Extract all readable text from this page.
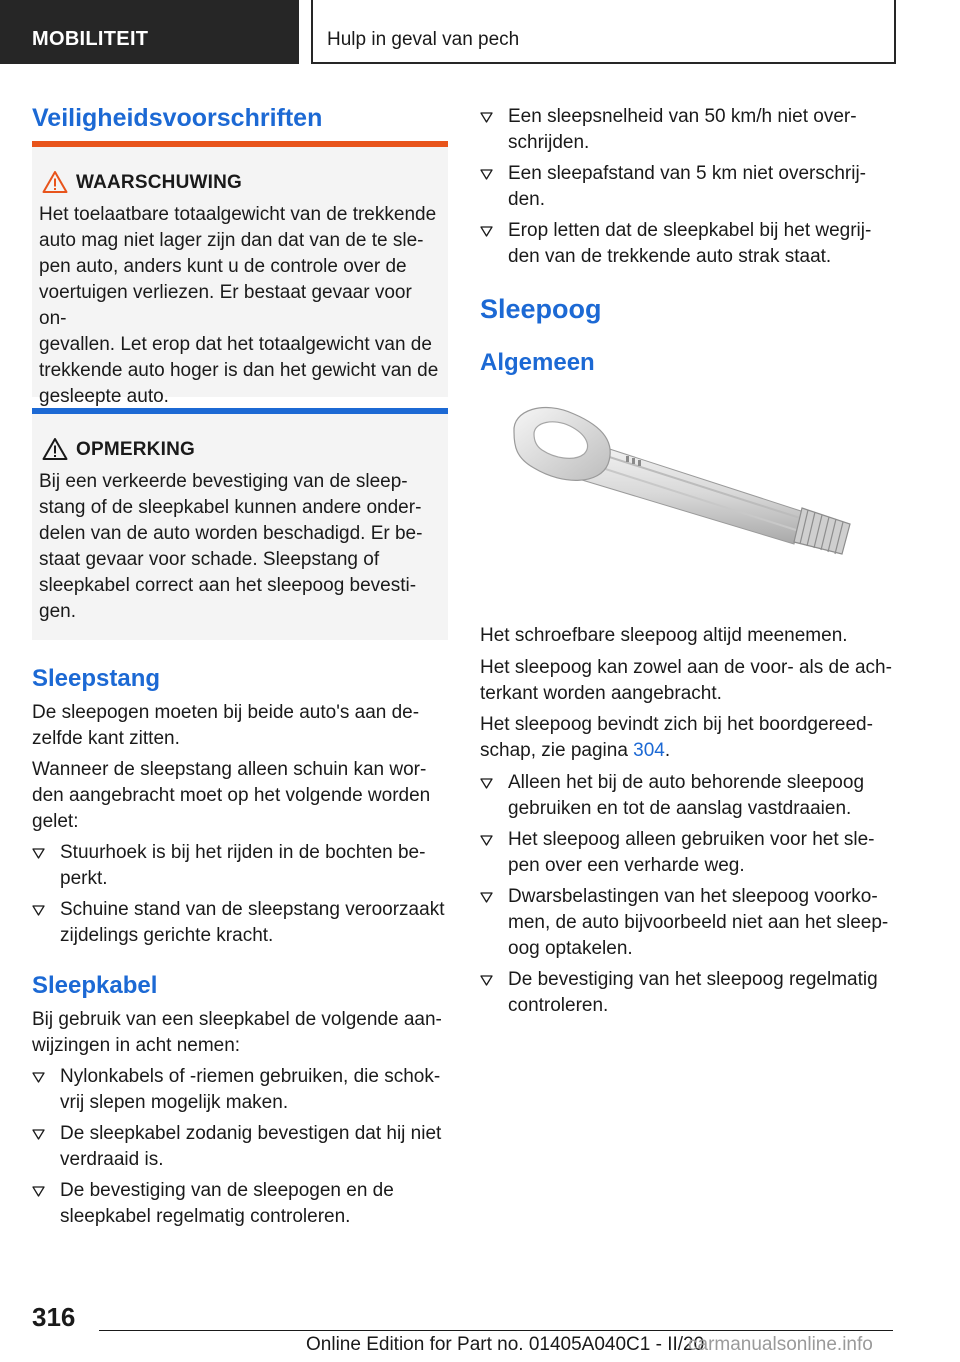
MOBILITEIT	Hulp in geval van pech
Veiligheidsvoorschriften
WAARSCHUWING
Het toelaatbare totaalgewicht van de trekkende
auto mag niet lager zijn dan dat van de te sle-
pen auto, anders kunt u de controle over de
voertuigen verliezen. Er bestaat gevaar voor on-
gevallen. Let erop dat het totaalgewicht van de
trekkende auto hoger is dan het gewicht van de
gesleepte auto.
OPMERKING
Bij een verkeerde bevestiging van de sleep-
stang of de sleepkabel kunnen andere onder-
delen van de auto worden beschadigd. Er be-
staat gevaar voor schade. Sleepstang of
sleepkabel correct aan het sleepoog bevesti-
gen.
Sleepstang
De sleepogen moeten bij beide auto's aan de-
zelfde kant zitten.
Wanneer de sleepstang alleen schuin kan wor-
den aangebracht moet op het volgende worden
gelet:
Stuurhoek is bij het rijden in de bochten be-
perkt.
Schuine stand van de sleepstang veroorzaakt
zijdelings gerichte kracht.
Sleepkabel
Bij gebruik van een sleepkabel de volgende aan-
wijzingen in acht nemen:
Nylonkabels of -riemen gebruiken, die schok-
vrij slepen mogelijk maken.
De sleepkabel zodanig bevestigen dat hij niet
verdraaid is.
De bevestiging van de sleepogen en de
sleepkabel regelmatig controleren.
Een sleepsnelheid van 50 km/h niet over-
schrijden.
Een sleepafstand van 5 km niet overschrij-
den.
Erop letten dat de sleepkabel bij het wegrij-
den van de trekkende auto strak staat.
Sleepoog
Algemeen
Het schroefbare sleepoog altijd meenemen.
Het sleepoog kan zowel aan de voor- als de ach-
terkant worden aangebracht.
Het sleepoog bevindt zich bij het boordgereed-
schap, zie pagina 304.
Alleen het bij de auto behorende sleepoog
gebruiken en tot de aanslag vastdraaien.
Het sleepoog alleen gebruiken voor het sle-
pen over een verharde weg.
Dwarsbelastingen van het sleepoog voorko-
men, de auto bijvoorbeeld niet aan het sleep-
oog optakelen.
De bevestiging van het sleepoog regelmatig
controleren.
316
Online Edition for Part no. 01405A040C1 - II/20
carmanualsonline.info
